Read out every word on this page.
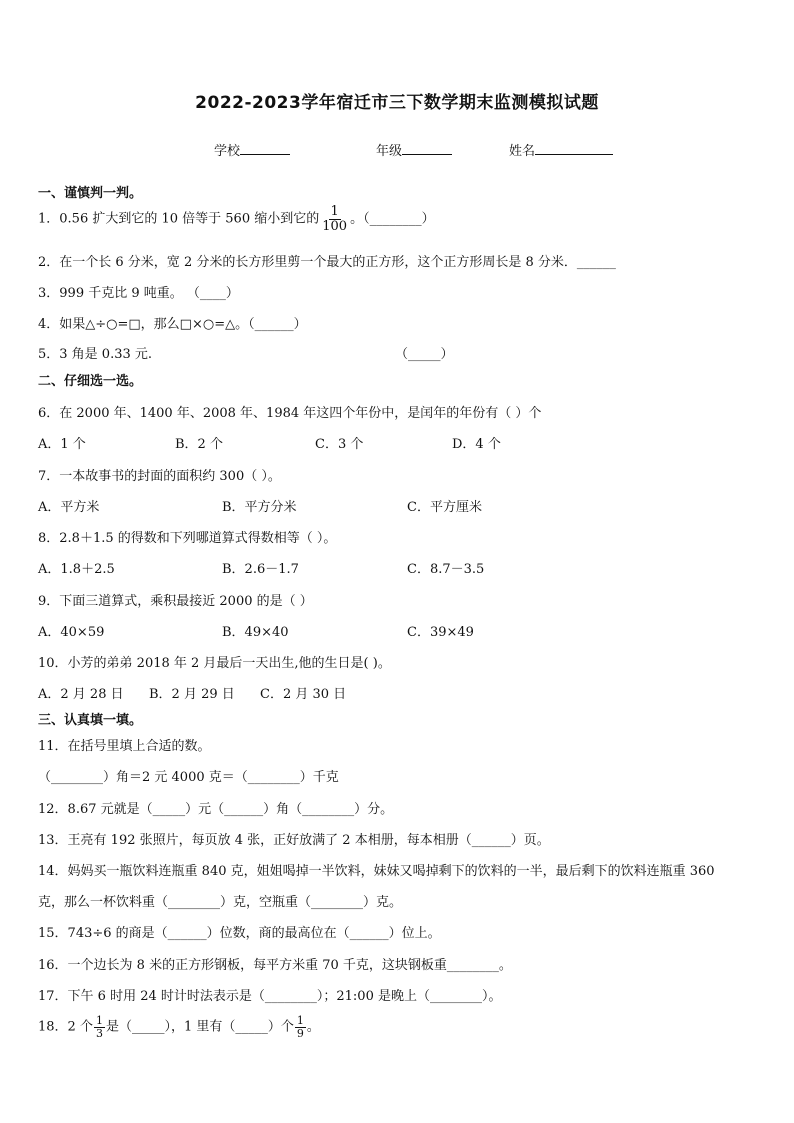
2022-2023学年宿迁市三下数学期末监测模拟试题
学校	年级	姓名
一、谨慎判一判。
1．0.56 扩大到它的 10 倍等于 560 缩小到它的 $\frac{1}{100}$ 。（________）
2．在一个长 6 分米，宽 2 分米的长方形里剪一个最大的正方形，这个正方形周长是 8 分米．______
3．999 千克比 9 吨重。 （____）
4．如果△÷○=□，那么□×○=△。（______）
5．3 角是 0.33 元.	（_____）
二、仔细选一选。
6．在 2000 年、1400 年、2008 年、1984 年这四个年份中，是闰年的年份有（ ）个
A．1 个	B．2 个	C．3 个	D．4 个
7．一本故事书的封面的面积约 300（ ）。
A．平方米	B．平方分米	C．平方厘米
8．2.8＋1.5 的得数和下列哪道算式得数相等（ ）。
A．1.8＋2.5	B．2.6－1.7	C．8.7－3.5
9．下面三道算式，乘积最接近 2000 的是（ ）
A．40×59	B．49×40	C．39×49
10．小芳的弟弟 2018 年 2 月最后一天出生,他的生日是( )。
A．2 月 28 日 B．2 月 29 日 C．2 月 30 日
三、认真填一填。
11．在括号里填上合适的数。
（________）角＝2 元 4000 克＝（________）千克
12．8.67 元就是（_____）元（______）角（________）分。
13．王亮有 192 张照片，每页放 4 张，正好放满了 2 本相册，每本相册（______）页。
14．妈妈买一瓶饮料连瓶重 840 克，姐姐喝掉一半饮料，妹妹又喝掉剩下的饮料的一半，最后剩下的饮料连瓶重 360
克，那么一杯饮料重（________）克，空瓶重（________）克。
15．743÷6 的商是（______）位数，商的最高位在（______）位上。
16．一个边长为 8 米的正方形钢板，每平方米重 70 千克，这块钢板重________。
17．下午 6 时用 24 时计时法表示是（________）；21:00 是晚上（________）。
18．2 个 $\frac{1}{3}$ 是（_____），1 里有（_____）个 $\frac{1}{9}$ 。
